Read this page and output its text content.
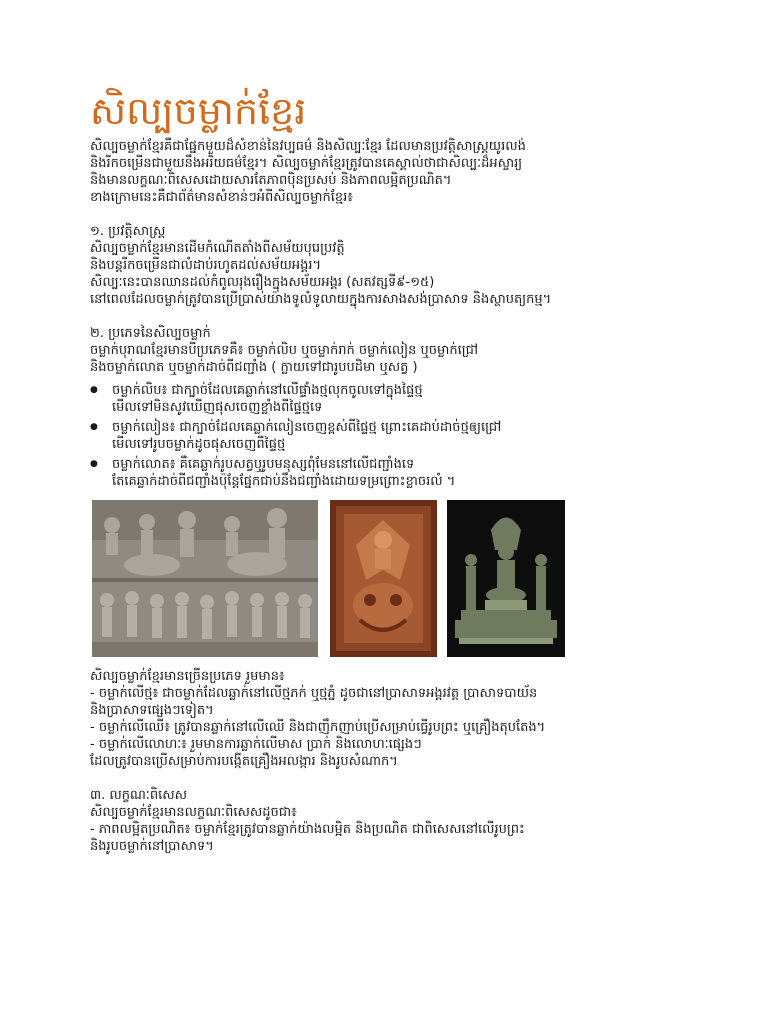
សិល្បចម្លាក់ខ្មែរ
សិល្បចម្លាក់ខ្មែរគឺជាផ្នែកមួយដ៏សំខាន់នៃវប្បធម៌ និងសិល្បៈខ្មែរ ដែលមានប្រវត្តិសាស្ត្រយូរលង់
និងរីកចម្រើនជាមួយនឹងអរិយធម៌ខ្មែរ។ សិល្បចម្លាក់ខ្មែរត្រូវបានគេស្គាល់ថាជាសិល្បៈដ៏អស្ចារ្យ
និងមានលក្ខណៈពិសេសដោយសារតែភាពប៉ិនប្រសប់ និងភាពលម្អិតប្រណិត។
ខាងក្រោមនេះគឺជាព័ត៌មានសំខាន់ៗអំពីសិល្បចម្លាក់ខ្មែរ៖
១. ប្រវត្តិសាស្ត្រ
សិល្បចម្លាក់ខ្មែរមានដើមកំណើតតាំងពីសម័យបុរេប្រវត្តិ
និងបន្តរីកចម្រើនជាលំដាប់រហូតដល់សម័យអង្គរ។
សិល្បៈនេះបានឈានដល់កំពូលរុងរឿងក្នុងសម័យអង្គរ (សតវត្សទី៩-១៥)
នៅពេលដែលចម្លាក់ត្រូវបានប្រើប្រាស់យ៉ាងទូលំទូលាយក្នុងការសាងសង់ប្រាសាទ និងស្ថាបត្យកម្ម។
២. ប្រភេទនៃសិល្បចម្លាក់
ចម្លាក់បុរាណខ្មែរមានបីប្រភេទគឺ៖ ចម្លាក់លិប ឬចម្លាក់រាក់ ចម្លាក់លៀន ឬចម្លាក់ជ្រៅ
និងចម្លាក់លោត ឬចម្លាក់ដាច់ពីជញ្ជាំង ( ក្លាយទៅជារូបបដិមា ឬសត្វ )
● ចម្លាក់លិប៖ ជាក្បាច់ដែលគេឆ្លាក់នៅលើផ្ទាំងថ្មលុកចូលទៅក្នុងផ្ទៃថ្ម
មើលទៅមិនសូវឃើញផុសចេញខ្លាំងពីផ្ទៃថ្មទេ
● ចម្លាក់លៀន៖ ជាក្បាច់ដែលគេឆ្លាក់លៀនចេញខ្ពស់ពីផ្ទៃថ្ម ព្រោះគេដាប់ដាច់ថ្មឲ្យជ្រៅ
មើលទៅរូបចម្លាក់ដូចផុសចេញពីផ្ទៃថ្ម
● ចម្លាក់លោត៖ គឺគេឆ្លាក់រូបសត្វឬរូបមនុស្សពុំមែននៅលើជញ្ជាំងទេ
តែគេឆ្លាក់ដាច់ពីជញ្ជាំងប៉ុន្តែផ្នែកជាប់នឹងជញ្ជាំងដោយទម្រព្រោះខ្លាចរលំ ។
សិល្បចម្លាក់ខ្មែរមានច្រើនប្រភេទ រួមមាន៖
- ចម្លាក់លើថ្ម៖ ជាចម្លាក់ដែលឆ្លាក់នៅលើថ្មភក់ ឬថ្មភ្នំ ដូចជានៅប្រាសាទអង្គរវត្ត ប្រាសាទបាយ័ន
និងប្រាសាទផ្សេងៗទៀត។
- ចម្លាក់លើឈើ៖ ត្រូវបានឆ្លាក់នៅលើឈើ និងជាញឹកញាប់ប្រើសម្រាប់ធ្វើរូបព្រះ ឬគ្រឿងតុបតែង។
- ចម្លាក់លើលោហៈ៖ រួមមានការឆ្លាក់លើមាស ប្រាក់ និងលោហៈផ្សេងៗ
ដែលត្រូវបានប្រើសម្រាប់ការបង្កើតគ្រឿងអលង្ការ និងរូបសំណាក។
៣. លក្ខណៈពិសេស
សិល្បចម្លាក់ខ្មែរមានលក្ខណៈពិសេសដូចជា៖
- ភាពលម្អិតប្រណិត៖ ចម្លាក់ខ្មែរត្រូវបានឆ្លាក់យ៉ាងលម្អិត និងប្រណិត ជាពិសេសនៅលើរូបព្រះ
និងរូបចម្លាក់នៅប្រាសាទ។
